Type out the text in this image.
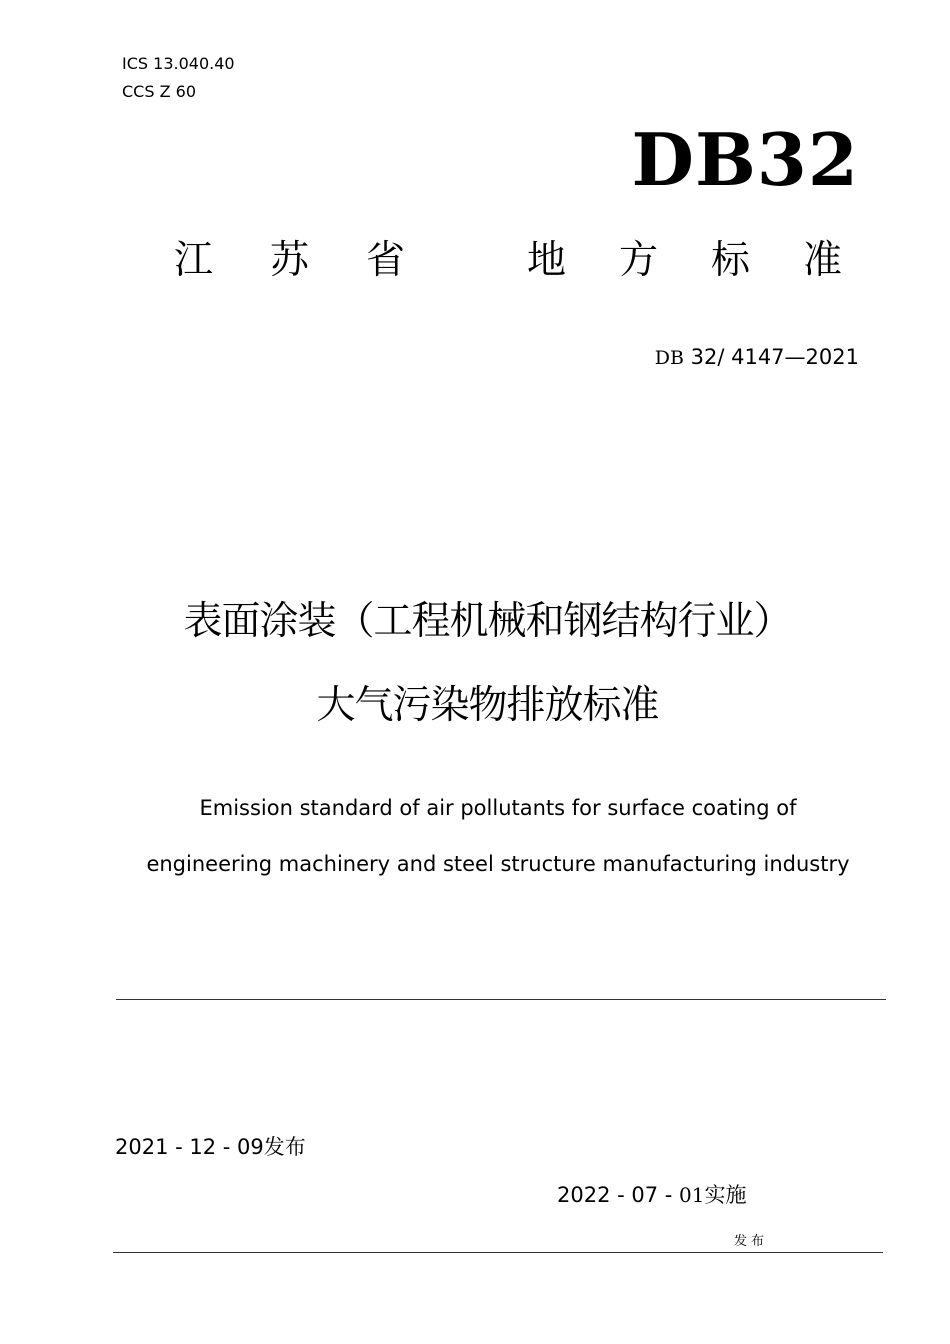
ICS 13.040.40
CCS Z 60
DB32
江苏省 地方标准
DB 32/ 4147—2021
表面涂装（工程机械和钢结构行业）
大气污染物排放标准
Emission standard of air pollutants for surface coating of
engineering machinery and steel structure manufacturing industry
2021 - 12 - 09发布
2022 - 07 - 01实施
发布
